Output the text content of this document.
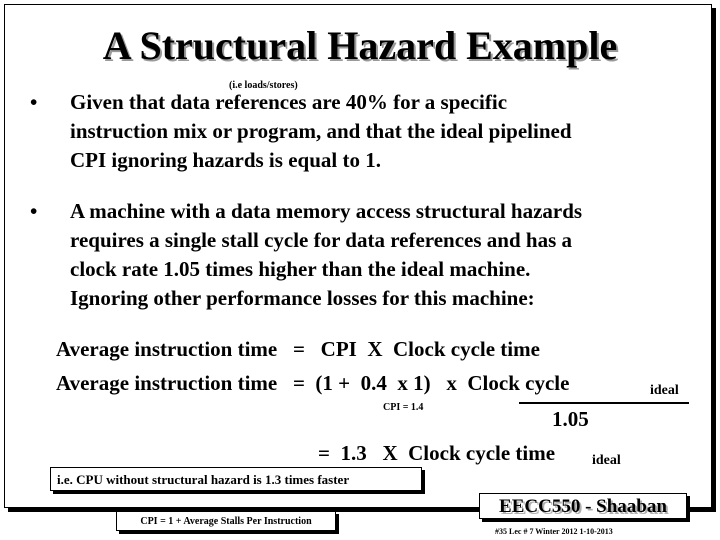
A Structural Hazard Example
(i.e loads/stores)
• Given that data references are 40% for a specific
instruction mix or program, and that the ideal pipelined
CPI ignoring hazards is equal to 1.
• A machine with a data memory access structural hazards
requires a single stall cycle for data references and has a
clock rate 1.05 times higher than the ideal machine.
Ignoring other performance losses for this machine:
Average instruction time   =   CPI  X  Clock cycle time
Average instruction time   =  (1 +  0.4  x 1)   x  Clock cycle	ideal
CPI = 1.4	1.05
=  1.3   X  Clock cycle time	ideal
i.e. CPU without structural hazard is 1.3 times faster
CPI = 1 + Average Stalls Per Instruction
EECC550 - Shaaban
#35 Lec # 7 Winter 2012 1-10-2013
